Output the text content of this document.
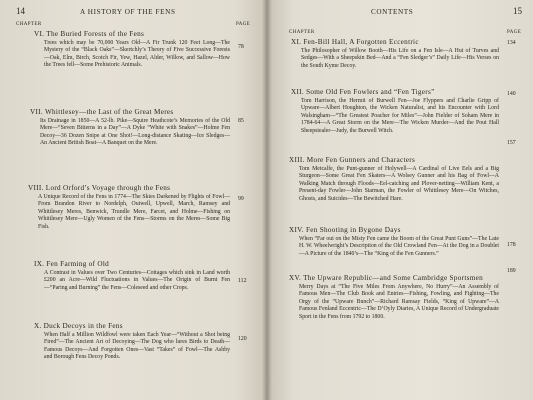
14	A HISTORY OF THE FENS
CHAPTER	PAGE
VI. The Buried Forests of the Fens
Trees which may be 70,000 Years Old—A Fir Trunk 120 Feet Long—The Mystery of the “Black Oaks”—Skertchly’s Theory of Five Successive Forests—Oak, Elm, Birch, Scotch Fir, Yew, Hazel, Alder, Willow, and Sallow—How the Trees fell—Some Prehistoric Animals.
78
VII. Whittlesey—the Last of the Great Meres
Its Drainage in 1850—A 52-lb. Pike—Squire Heathcote’s Memories of the Old Mere—“Seven Bitterns in a Day”—A Dyke “White with Snakes”—Holme Fen Decoy—36 Dozen Snipe at One Shot!—Long-distance Skating—Ice Sledges—An Ancient British Boat—A Banquet on the Mere.
85
VIII. Lord Orford’s Voyage through the Fens
A Unique Record of the Fens in 1774—The Skies Darkened by Flights of Fowl—From Brandon River to Nordelph, Outwell, Upwell, March, Ramsey and Whittlesey Meres, Benwick, Trundle Mere, Farcet, and Holme—Fishing on Whittlesey Mere—Ugly Women of the Fens—Storms on the Meres—Some Big Fish.
99
IX. Fen Farming of Old
A Contrast in Values over Two Centuries—Cottages which sink in Land worth £200 an Acre—Wild Fluctuations in Values—The Origin of Burnt Fen—“Paring and Burning” the Fens—Coleseed and other Crops.
112
X. Duck Decoys in the Fens
When Half a Million Wildfowl were taken Each Year—“Without a Shot being Fired”—The Ancient Art of Decoying—The Dog who lures Birds to Death—Famous Decoys—And Forgotten Ones—Vast “Takes” of Fowl—The Ashby and Borough Fens Decoy Ponds.
120
CONTENTS	15
CHAPTER	PAGE
XI. Fen-Bill Hall, A Forgotten Eccentric
The Philosopher of Willow Booth—His Life on a Fen Isle—A Hut of Turves and Sedges—With a Sheepskin Bed—And a “Fen Sledger’s” Daily Life—His Verses on the South Kyme Decoy.
134
XII. Some Old Fen Fowlers and “Fen Tigers”
Tom Harrison, the Hermit of Burwell Fen—Joe Flyppers and Charlie Gripp of Upware—Albert Houghton, the Wicken Naturalist, and his Encounter with Lord Walsingham—“The Greatest Poacher for Miles”—John Fielder of Soham Mere in 1784-64—A Great Storm on the Mere—The Wicken Murder—And the Pout Hall Sheepstealer—Judy, the Burwell Witch.
140
XIII. More Fen Gunners and Characters
Tom Metcalfe, the Punt-gunner of Holywell—A Cardinal of Live Eels and a Big Sturgeon—Some Great Fen Skaters—A Wolsey Gunner and his Bag of Fowl—A Walking Match through Floods—Eel-catching and Plover-netting—William Kent, a Present-day Fowler—John Starman, the Fowler of Whittlesey Mere—On Witches, Ghosts, and Suicides—The Bewitched Hare.
157
XIV. Fen Shooting in Bygone Days
When “Far out on the Misty Fen came the Boom of the Great Punt Guns”—The Late H. W. Wheelwright’s Description of the Old Crowland Fen—At the Dog in a Doublet—A Picture of the 1840’s—The “King of the Fen Gunners.”
178
XV. The Upware Republic—and Some Cambridge Sportsmen
Merry Days at “The Five Miles From Anywhere, No Hurry”—An Assembly of Famous Men—The Club Book and Entries—Fishing, Fowling, and Fighting—The Orgy of the “Upware Bunch”—Richard Ramsay Fields, “King of Upware”—A Famous Fenland Eccentric—The D’Oyly Diaries, A Unique Record of Undergraduate Sport in the Fens from 1792 to 1800.
189
